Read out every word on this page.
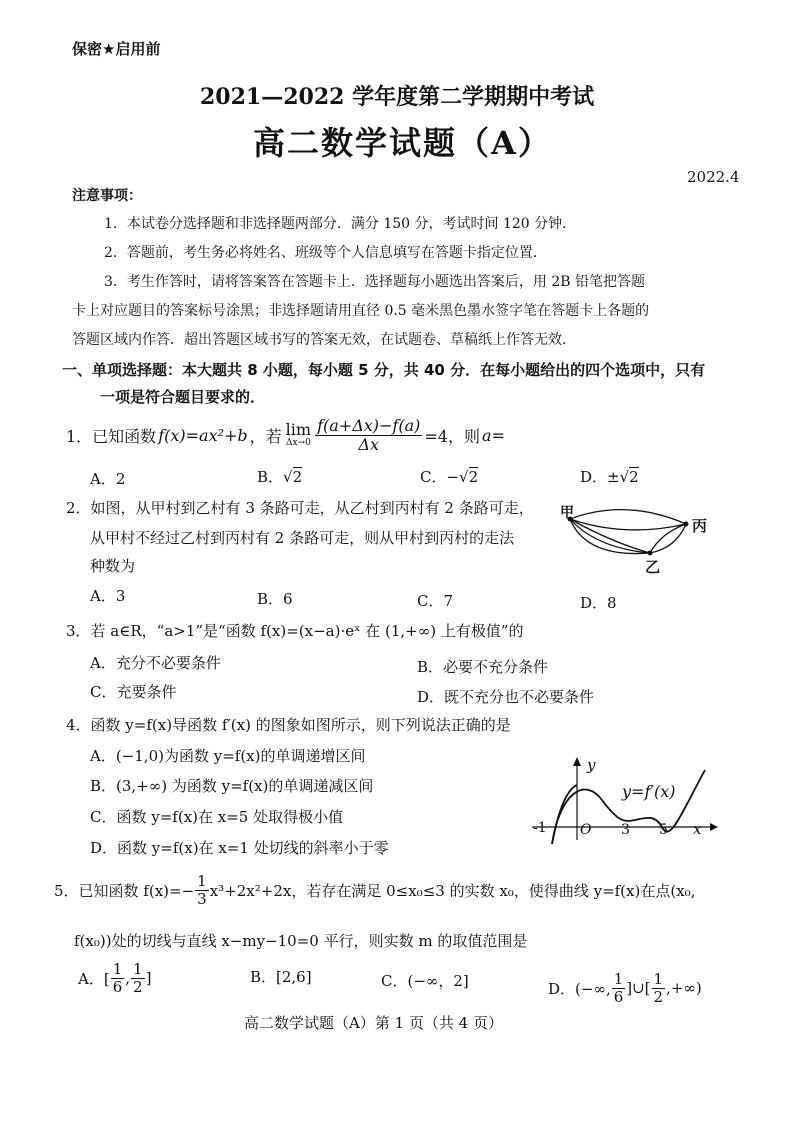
保密★启用前
2021—2022 学年度第二学期期中考试
高二数学试题（A）
2022.4
注意事项：
1．本试卷分选择题和非选择题两部分．满分 150 分，考试时间 120 分钟．
2．答题前，考生务必将姓名、班级等个人信息填写在答题卡指定位置．
3．考生作答时，请将答案答在答题卡上．选择题每小题选出答案后，用 2B 铅笔把答题
卡上对应题目的答案标号涂黑；非选择题请用直径 0.5 毫米黑色墨水签字笔在答题卡上各题的
答题区域内作答．超出答题区域书写的答案无效，在试题卷、草稿纸上作答无效．
一、单项选择题：本大题共 8 小题，每小题 5 分，共 40 分．在每小题给出的四个选项中，只有
一项是符合题目要求的．
1．已知函数 f(x)=ax²+b ，若 lim
$\Delta x\to 0 \frac{f(a+\Delta x)-f(a)}{\Delta x} =4$，则 a=
A．2	B．√2	C．−√2	D．±√2
2．如图，从甲村到乙村有 3 条路可走，从乙村到丙村有 2 条路可走，
从甲村不经过乙村到丙村有 2 条路可走，则从甲村到丙村的走法
种数为
A．3	B．6	C．7	D．8
甲
丙
乙
3．若 a∈R，“a>1”是“函数 f(x)=(x−a)·eˣ 在 (1,+∞) 上有极值”的
A．充分不必要条件	B．必要不充分条件
C．充要条件	D．既不充分也不必要条件
4．函数 y=f(x)导函数 f′(x) 的图象如图所示，则下列说法正确的是
A．(−1,0)为函数 y=f(x)的单调递增区间
B．(3,+∞) 为函数 y=f(x)的单调递减区间
C．函数 y=f(x)在 x=5 处取得极小值
D．函数 y=f(x)在 x=1 处切线的斜率小于零
y
x
y=f′(x)
-1 O 3 5
5．已知函数 $f(x)=- \frac{1}{3} x^3+2x^2+2x$，若存在满足 0≤x₀≤3 的实数 x₀，使得曲线 y=f(x)在点(x₀,
f(x₀))处的切线与直线 x−my−10=0 平行，则实数 m 的取值范围是
A．[ $\frac{1}{6}$ , $\frac{1}{2}$ ]	B．[2,6]	C．(−∞，2]	D．(−∞, $\frac{1}{6}$ ]∪[ $\frac{1}{2}$ ,+∞)
高二数学试题（A）第 1 页（共 4 页）
